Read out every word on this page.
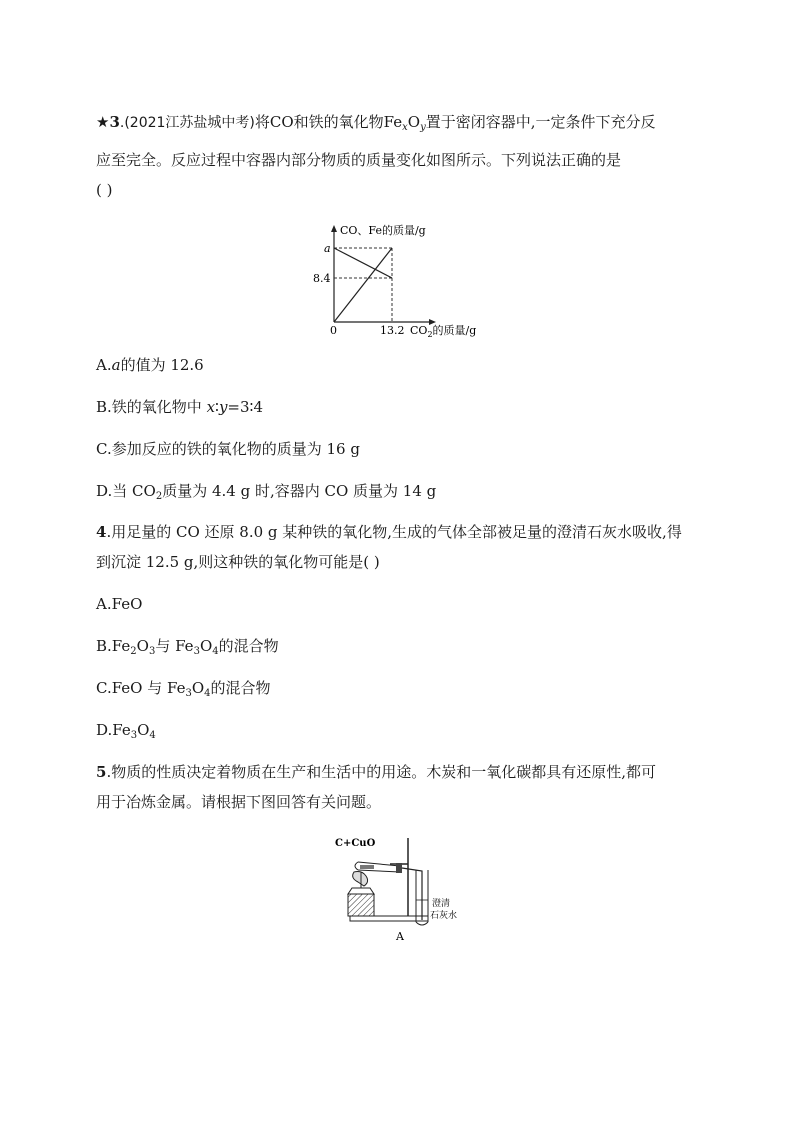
★3.(2021江苏盐城中考)将CO和铁的氧化物$Fe_xO_y$置于密闭容器中,一定条件下充分反
应至完全。反应过程中容器内部分物质的质量变化如图所示。下列说法正确的是
( )
CO、Fe的质量/g
a
8.4
0	13.2 $CO_2$的质量/g
A.a的值为 12.6
B.铁的氧化物中 x∶y=3∶4
C.参加反应的铁的氧化物的质量为 16 g
D.当 $CO_2$质量为 4.4 g 时,容器内 CO 质量为 14 g
4.用足量的 CO 还原 8.0 g 某种铁的氧化物,生成的气体全部被足量的澄清石灰水吸收,得
到沉淀 12.5 g,则这种铁的氧化物可能是( )
A.FeO
$B.Fe_2O_3$与 $Fe_3O_4$的混合物
C.FeO 与 $Fe_3O_4$的混合物
$D.Fe_3O_4$
5.物质的性质决定着物质在生产和生活中的用途。木炭和一氧化碳都具有还原性,都可
用于冶炼金属。请根据下图回答有关问题。
C+CuO
澄清
石灰水
A
